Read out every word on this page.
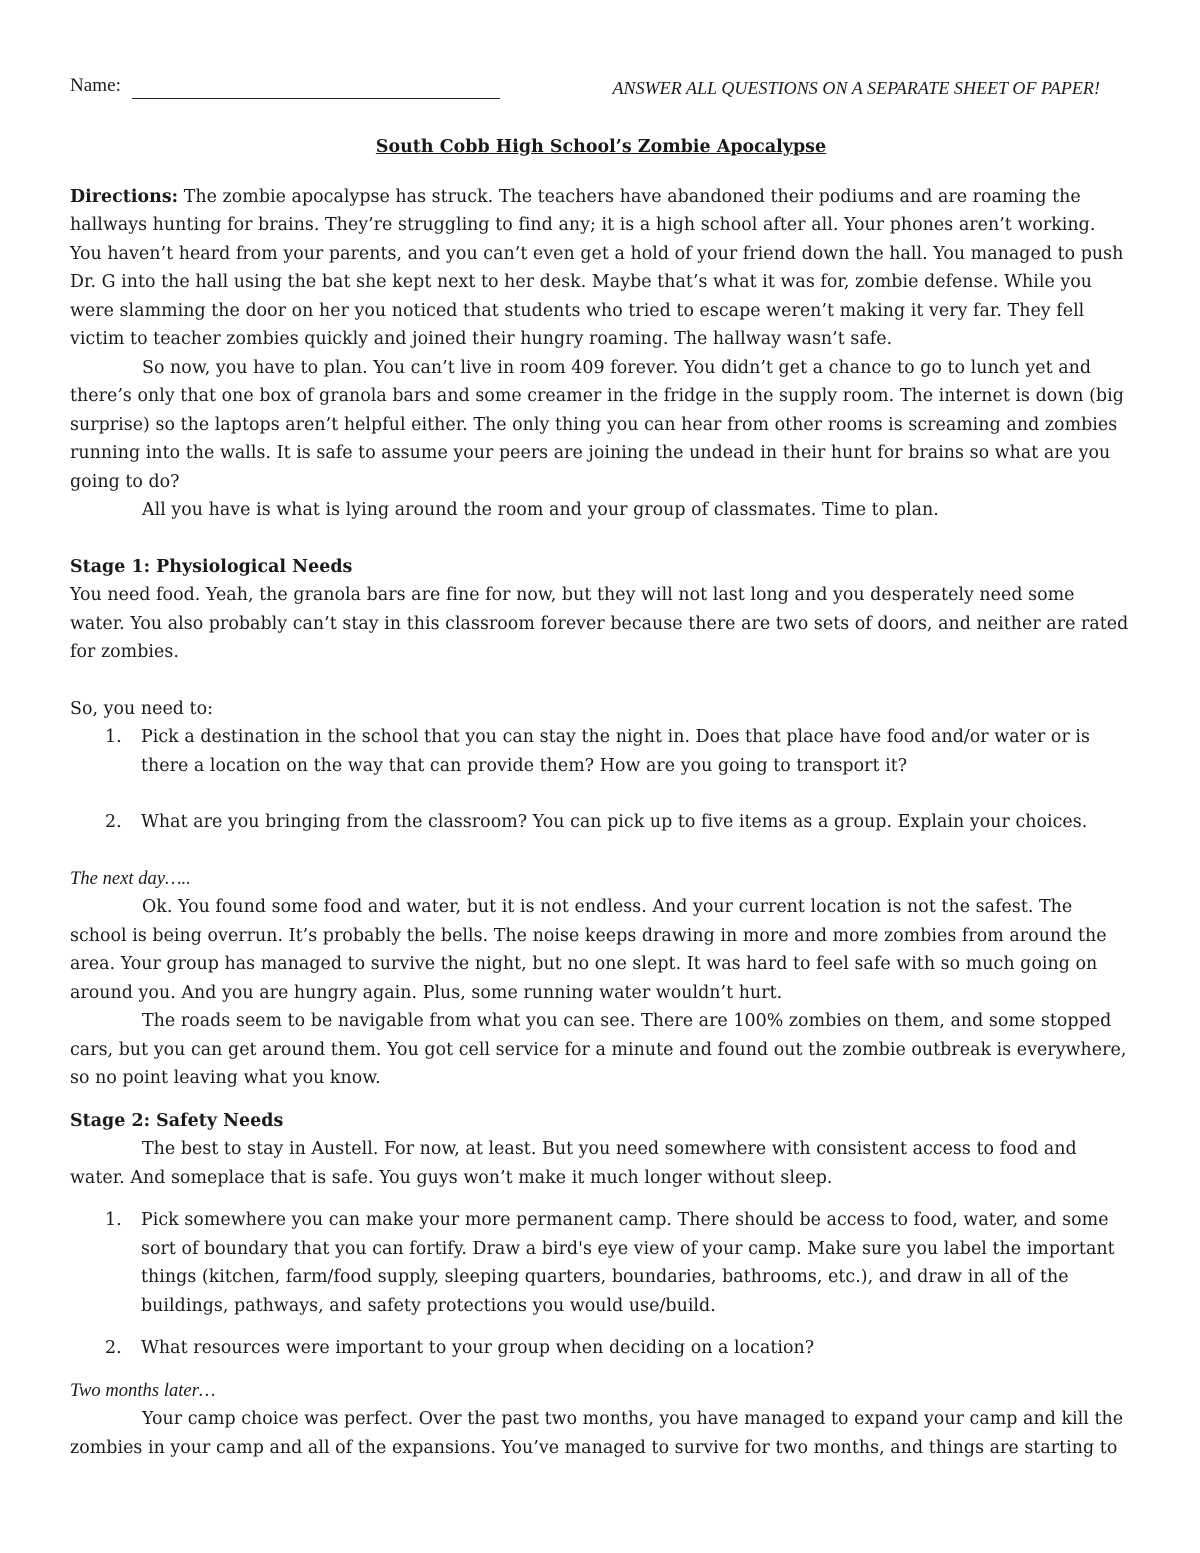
Name:	ANSWER ALL QUESTIONS ON A SEPARATE SHEET OF PAPER!
South Cobb High School’s Zombie Apocalypse

Directions: The zombie apocalypse has struck. The teachers have abandoned their podiums and are roaming the hallways hunting for brains. They’re struggling to find any; it is a high school after all. Your phones aren’t working. You haven’t heard from your parents, and you can’t even get a hold of your friend down the hall. You managed to push Dr. G into the hall using the bat she kept next to her desk. Maybe that’s what it was for, zombie defense. While you were slamming the door on her you noticed that students who tried to escape weren’t making it very far. They fell victim to teacher zombies quickly and joined their hungry roaming. The hallway wasn’t safe.

So now, you have to plan. You can’t live in room 409 forever. You didn’t get a chance to go to lunch yet and there’s only that one box of granola bars and some creamer in the fridge in the supply room. The internet is down (big surprise) so the laptops aren’t helpful either. The only thing you can hear from other rooms is screaming and zombies running into the walls. It is safe to assume your peers are joining the undead in their hunt for brains so what are you going to do?

All you have is what is lying around the room and your group of classmates. Time to plan.

Stage 1: Physiological Needs

You need food. Yeah, the granola bars are fine for now, but they will not last long and you desperately need some water. You also probably can’t stay in this classroom forever because there are two sets of doors, and neither are rated for zombies.

So, you need to:

1. Pick a destination in the school that you can stay the night in. Does that place have food and/or water or is there a location on the way that can provide them? How are you going to transport it?
2. What are you bringing from the classroom? You can pick up to five items as a group. Explain your choices.

The next day…..

Ok. You found some food and water, but it is not endless. And your current location is not the safest. The school is being overrun. It’s probably the bells. The noise keeps drawing in more and more zombies from around the area. Your group has managed to survive the night, but no one slept. It was hard to feel safe with so much going on around you. And you are hungry again. Plus, some running water wouldn’t hurt.

The roads seem to be navigable from what you can see. There are 100% zombies on them, and some stopped cars, but you can get around them. You got cell service for a minute and found out the zombie outbreak is everywhere, so no point leaving what you know.

Stage 2: Safety Needs

The best to stay in Austell. For now, at least. But you need somewhere with consistent access to food and water. And someplace that is safe. You guys won’t make it much longer without sleep.

1. Pick somewhere you can make your more permanent camp. There should be access to food, water, and some sort of boundary that you can fortify. Draw a bird's eye view of your camp. Make sure you label the important things (kitchen, farm/food supply, sleeping quarters, boundaries, bathrooms, etc.), and draw in all of the buildings, pathways, and safety protections you would use/build.
2. What resources were important to your group when deciding on a location?

Two months later…

Your camp choice was perfect. Over the past two months, you have managed to expand your camp and kill the zombies in your camp and all of the expansions. You’ve managed to survive for two months, and things are starting to
